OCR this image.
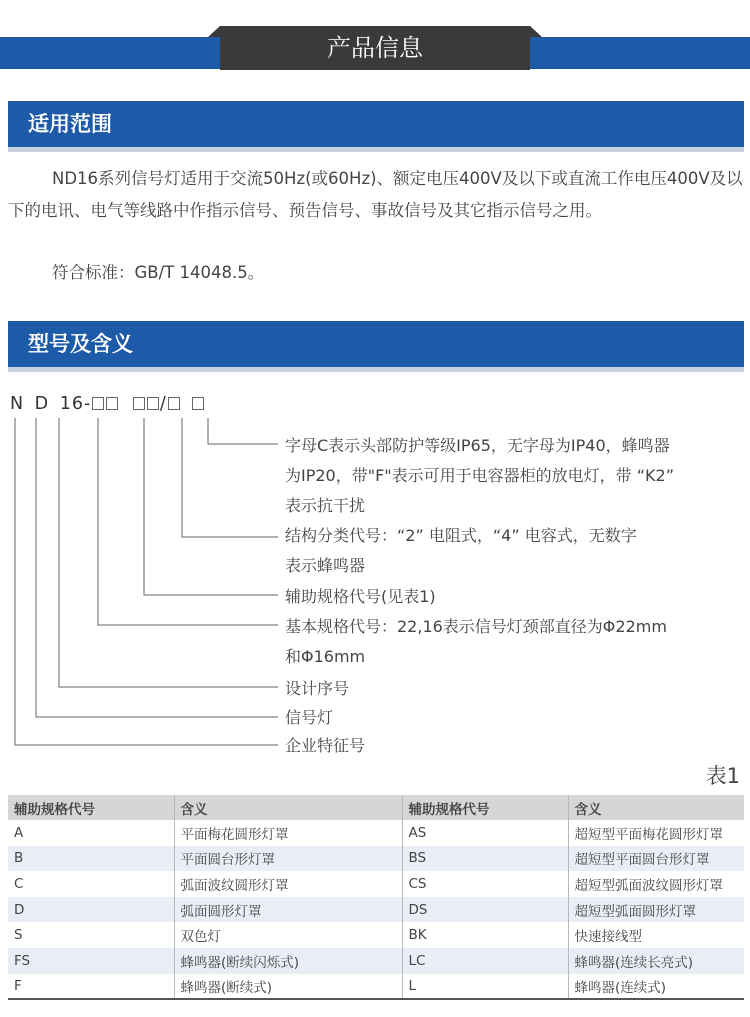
产品信息
适用范围
ND16系列信号灯适用于交流50Hz(或60Hz)、额定电压400V及以下或直流工作电压400V及以下的电讯、电气等线路中作指示信号、预告信号、事故信号及其它指示信号之用。
符合标准：GB/T 14048.5。
型号及含义
N D 16-	/
字母C表示头部防护等级IP65，无字母为IP40，蜂鸣器
为IP20，带"F"表示可用于电容器柜的放电灯，带 “K2”
表示抗干扰
结构分类代号：“2” 电阻式，“4” 电容式，无数字
表示蜂鸣器
辅助规格代号(见表1)
基本规格代号：22,16表示信号灯颈部直径为Φ22mm
和Φ16mm
设计序号
信号灯
企业特征号
表1
辅助规格代号	含义	辅助规格代号	含义
A	平面梅花圆形灯罩	AS	超短型平面梅花圆形灯罩
B	平面圆台形灯罩	BS	超短型平面圆台形灯罩
C	弧面波纹圆形灯罩	CS	超短型弧面波纹圆形灯罩
D	弧面圆形灯罩	DS	超短型弧面圆形灯罩
S	双色灯	BK	快速接线型
FS	蜂鸣器(断续闪烁式)	LC	蜂鸣器(连续长亮式)
F	蜂鸣器(断续式)	L	蜂鸣器(连续式)
